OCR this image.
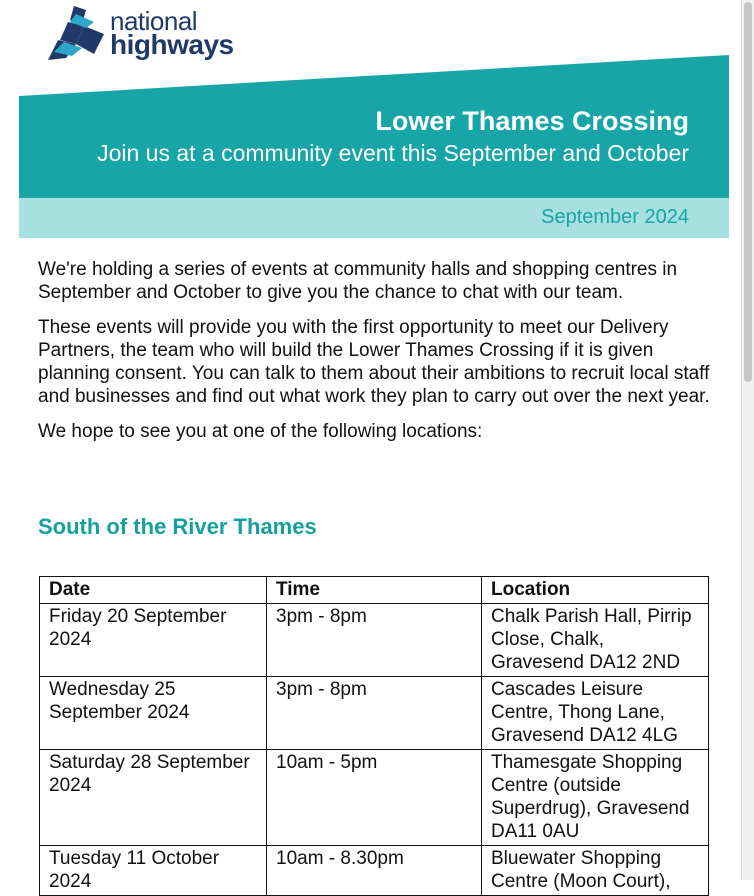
national
highways
Lower Thames Crossing
Join us at a community event this September and October
September 2024

We're holding a series of events at community halls and shopping centres in September and October to give you the chance to chat with our team.

These events will provide you with the first opportunity to meet our Delivery Partners, the team who will build the Lower Thames Crossing if it is given planning consent. You can talk to them about their ambitions to recruit local staff and businesses and find out what work they plan to carry out over the next year.

We hope to see you at one of the following locations:

South of the River Thames
Date	Time	Location
Friday 20 September 2024	3pm - 8pm	Chalk Parish Hall, Pirrip Close, Chalk, Gravesend DA12 2ND
Wednesday 25 September 2024	3pm - 8pm	Cascades Leisure Centre, Thong Lane, Gravesend DA12 4LG
Saturday 28 September 2024	10am - 5pm	Thamesgate Shopping Centre (outside Superdrug), Gravesend DA11 0AU
Tuesday 11 October 2024	10am - 8.30pm	Bluewater Shopping Centre (Moon Court),
